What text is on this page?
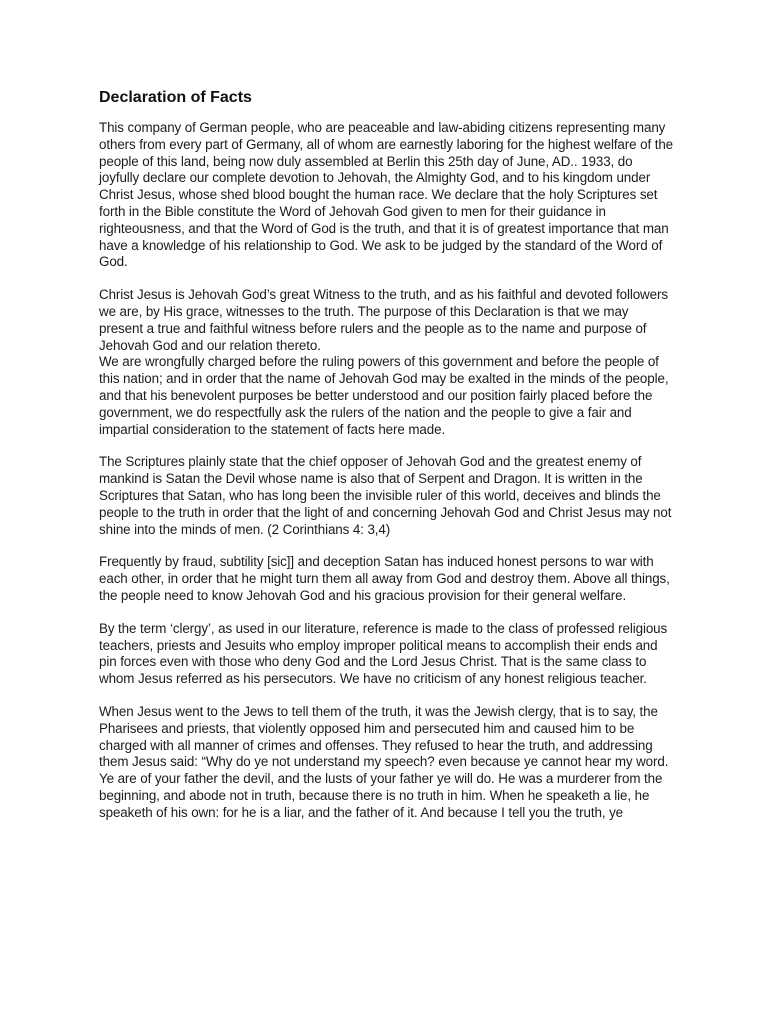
Declaration of Facts

This company of German people, who are peaceable and law-abiding citizens representing many others from every part of Germany, all of whom are earnestly laboring for the highest welfare of the people of this land, being now duly assembled at Berlin this 25th day of June, AD.. 1933, do joyfully declare our complete devotion to Jehovah, the Almighty God, and to his kingdom under Christ Jesus, whose shed blood bought the human race. We declare that the holy Scriptures set forth in the Bible constitute the Word of Jehovah God given to men for their guidance in righteousness, and that the Word of God is the truth, and that it is of greatest importance that man have a knowledge of his relationship to God. We ask to be judged by the standard of the Word of God.

Christ Jesus is Jehovah God’s great Witness to the truth, and as his faithful and devoted followers we are, by His grace, witnesses to the truth. The purpose of this Declaration is that we may present a true and faithful witness before rulers and the people as to the name and purpose of Jehovah God and our relation thereto.

We are wrongfully charged before the ruling powers of this government and before the people of this nation; and in order that the name of Jehovah God may be exalted in the minds of the people, and that his benevolent purposes be better understood and our position fairly placed before the government, we do respectfully ask the rulers of the nation and the people to give a fair and impartial consideration to the statement of facts here made.

The Scriptures plainly state that the chief opposer of Jehovah God and the greatest enemy of mankind is Satan the Devil whose name is also that of Serpent and Dragon. It is written in the Scriptures that Satan, who has long been the invisible ruler of this world, deceives and blinds the people to the truth in order that the light of and concerning Jehovah God and Christ Jesus may not shine into the minds of men. (2 Corinthians 4: 3,4)

Frequently by fraud, subtility [sic]] and deception Satan has induced honest persons to war with each other, in order that he might turn them all away from God and destroy them. Above all things, the people need to know Jehovah God and his gracious provision for their general welfare.

By the term ‘clergy’, as used in our literature, reference is made to the class of professed religious teachers, priests and Jesuits who employ improper political means to accomplish their ends and pin forces even with those who deny God and the Lord Jesus Christ. That is the same class to whom Jesus referred as his persecutors. We have no criticism of any honest religious teacher.

When Jesus went to the Jews to tell them of the truth, it was the Jewish clergy, that is to say, the Pharisees and priests, that violently opposed him and persecuted him and caused him to be charged with all manner of crimes and offenses. They refused to hear the truth, and addressing them Jesus said: “Why do ye not understand my speech? even because ye cannot hear my word. Ye are of your father the devil, and the lusts of your father ye will do. He was a murderer from the beginning, and abode not in truth, because there is no truth in him. When he speaketh a lie, he speaketh of his own: for he is a liar, and the father of it. And because I tell you the truth, ye
